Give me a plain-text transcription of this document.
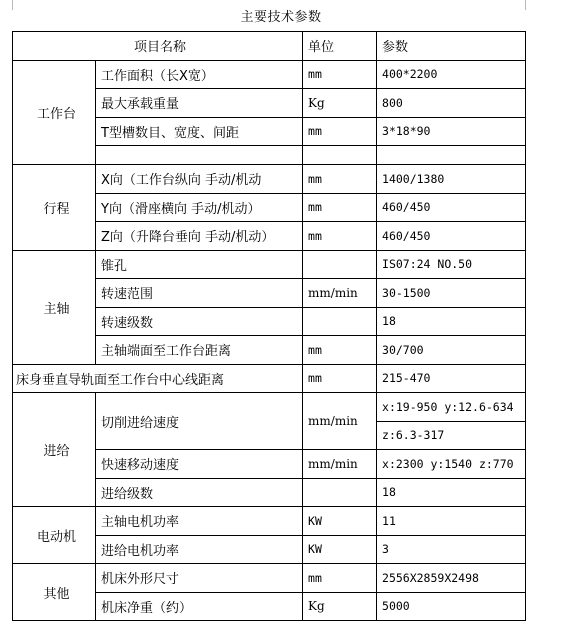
主要技术参数
项目名称		单位	参数
工作台	工作面积（长X宽）	mm	400*2200
	最大承载重量	Kg	800
	T型槽数目、宽度、间距	mm	3*18*90

行程	X向（工作台纵向 手动/机动	mm	1400/1380
	Y向（滑座横向 手动/机动）	mm	460/450
	Z向（升降台垂向 手动/机动）	mm	460/450
主轴	锥孔		IS07:24 NO.50
	转速范围	mm/min	30-1500
	转速级数		18
	主轴端面至工作台距离	mm	30/700
床身垂直导轨面至工作台中心线距离		mm	215-470
进给	切削进给速度	mm/min	x:19-950 y:12.6-634
			z:6.3-317
	快速移动速度	mm/min	x:2300 y:1540 z:770
	进给级数		18
电动机	主轴电机功率	KW	11
	进给电机功率	KW	3
其他	机床外形尺寸	mm	2556X2859X2498
	机床净重（约）	Kg	5000
